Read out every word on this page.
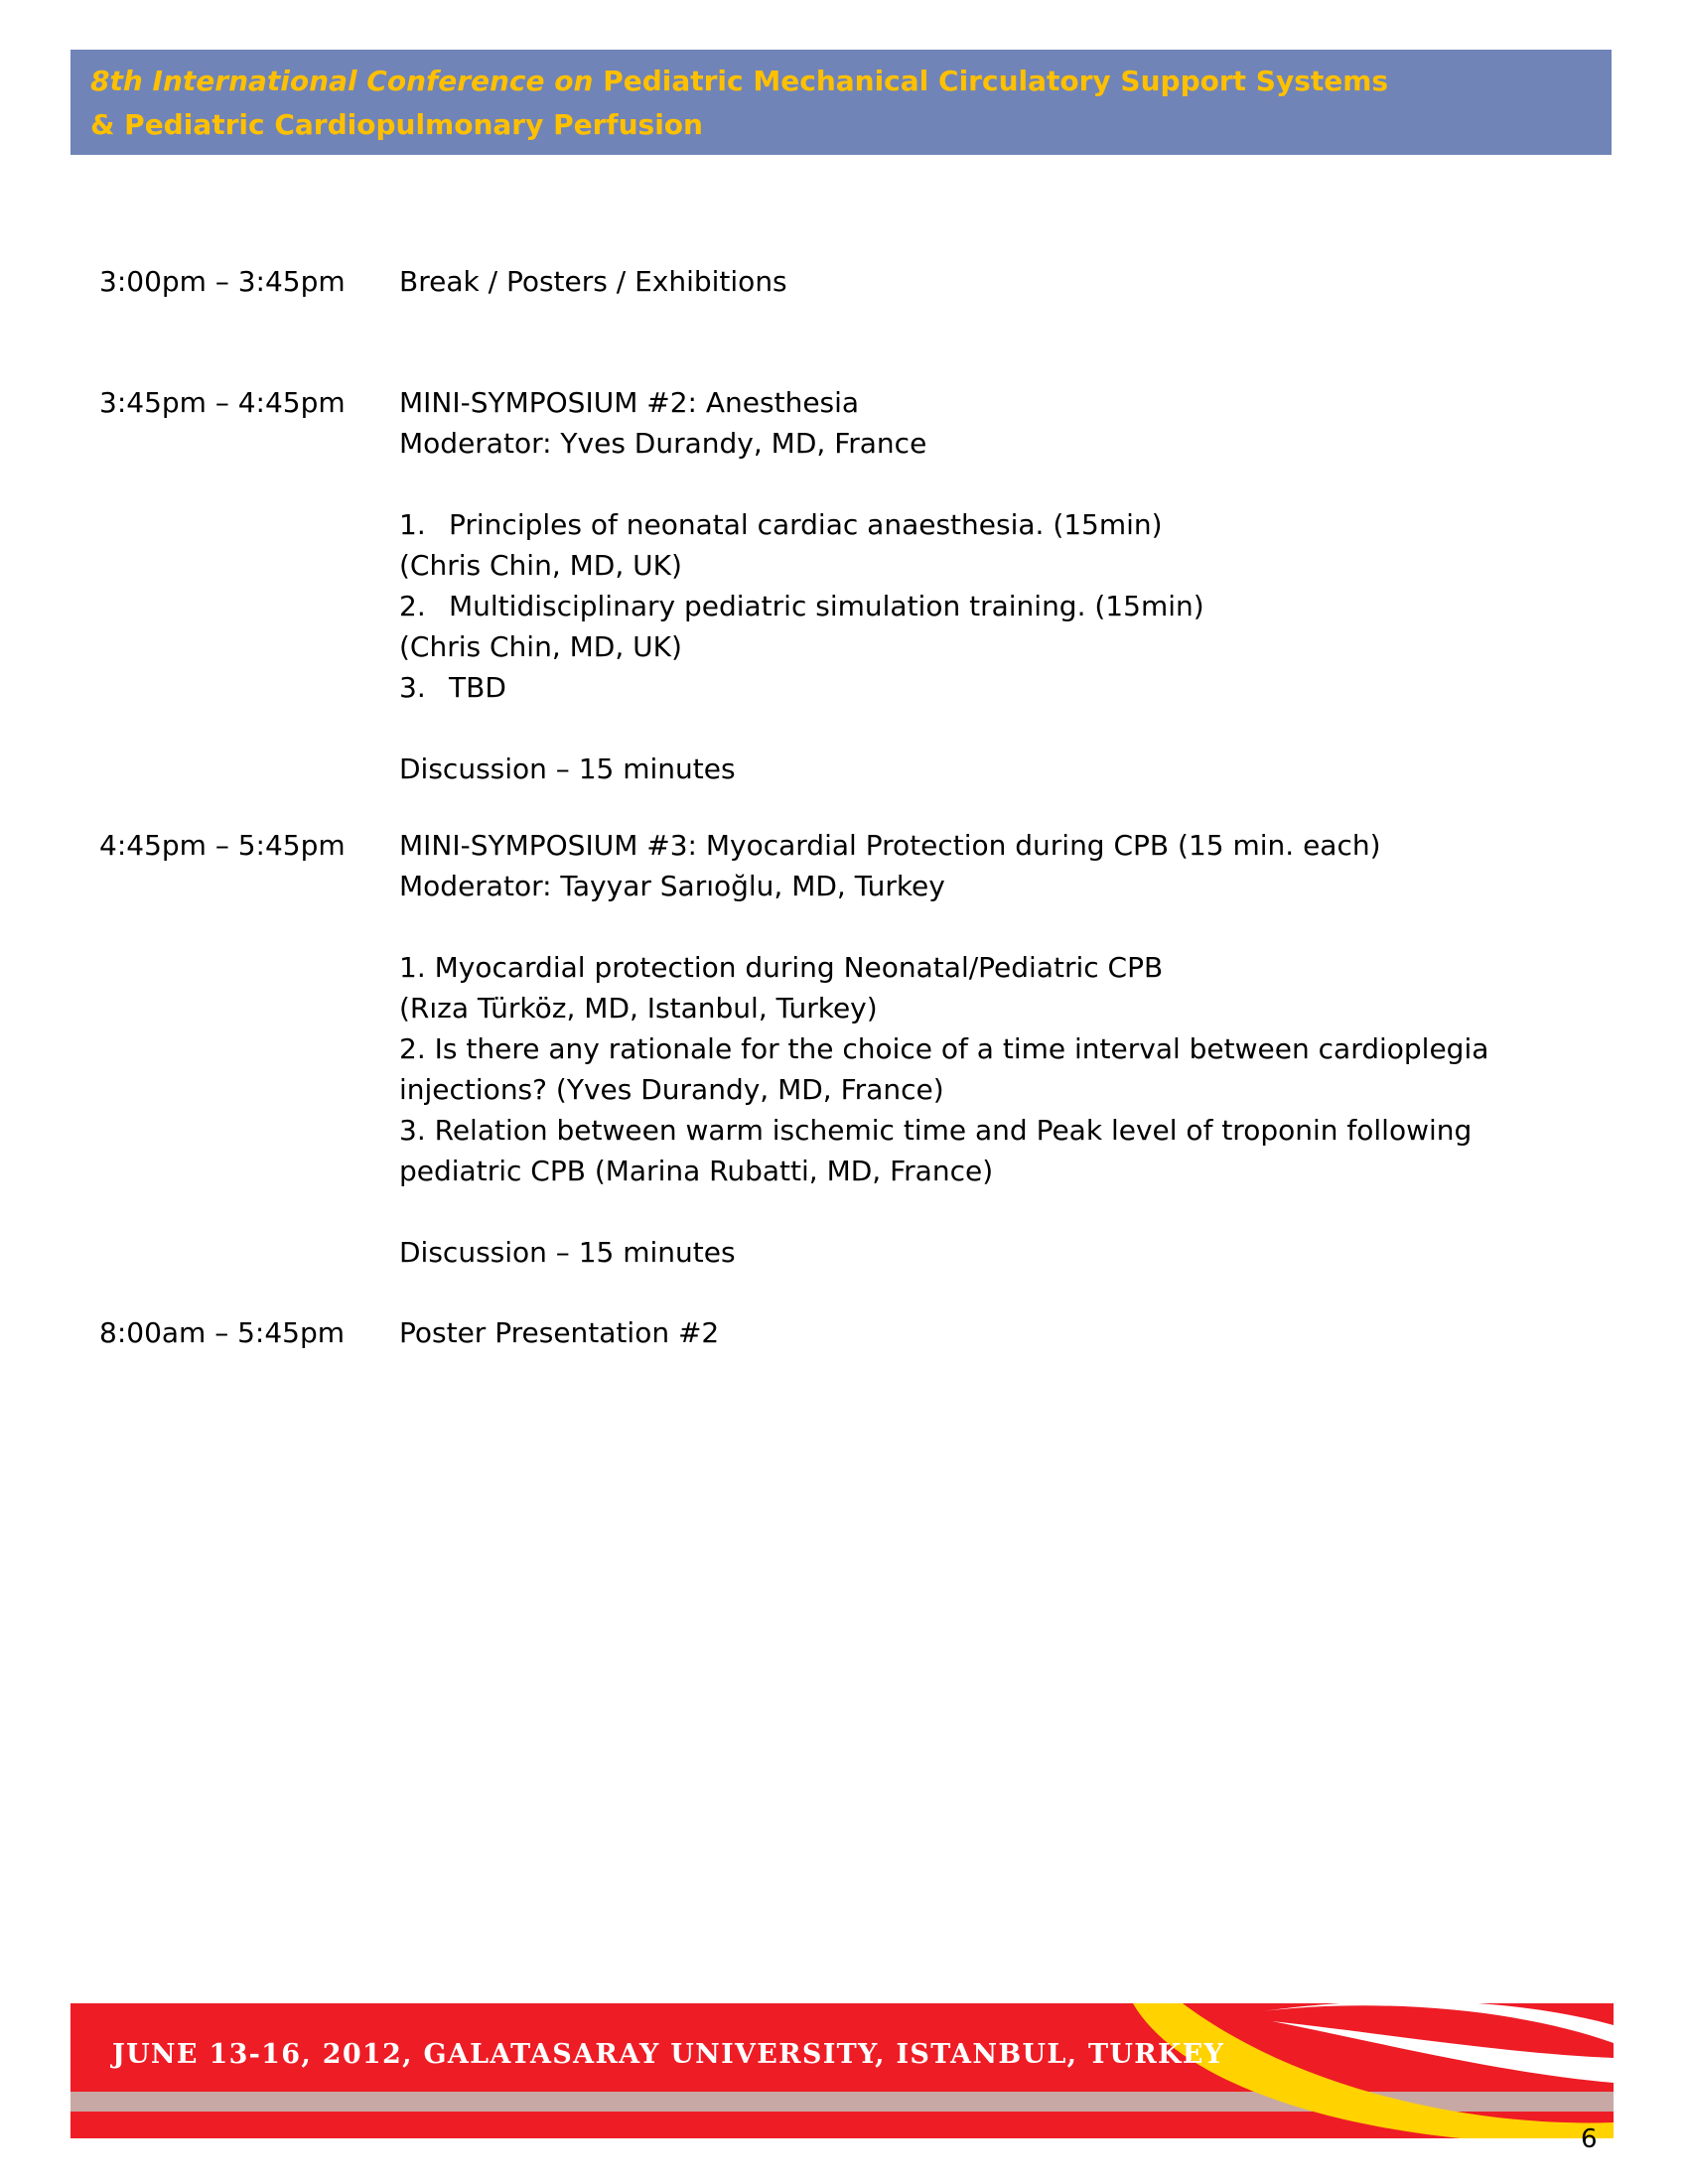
8th International Conference on Pediatric Mechanical Circulatory Support Systems
& Pediatric Cardiopulmonary Perfusion
3:00pm – 3:45pm	Break / Posters / Exhibitions

3:45pm – 4:45pm	MINI-SYMPOSIUM #2: Anesthesia

Moderator: Yves Durandy, MD, France

1. Principles of neonatal cardiac anaesthesia. (15min)

(Chris Chin, MD, UK)

2. Multidisciplinary pediatric simulation training. (15min)

(Chris Chin, MD, UK)

3. TBD

Discussion – 15 minutes

4:45pm – 5:45pm	MINI-SYMPOSIUM #3: Myocardial Protection during CPB (15 min. each)

Moderator: Tayyar Sarıoğlu, MD, Turkey

1. Myocardial protection during Neonatal/Pediatric CPB

(Rıza Türköz, MD, Istanbul, Turkey)

2. Is there any rationale for the choice of a time interval between cardioplegia injections? (Yves Durandy, MD, France)

3. Relation between warm ischemic time and Peak level of troponin following pediatric CPB (Marina Rubatti, MD, France)

Discussion – 15 minutes

8:00am – 5:45pm	Poster Presentation #2

JUNE 13-16, 2012, GALATASARAY UNIVERSITY, ISTANBUL, TURKEY
6
